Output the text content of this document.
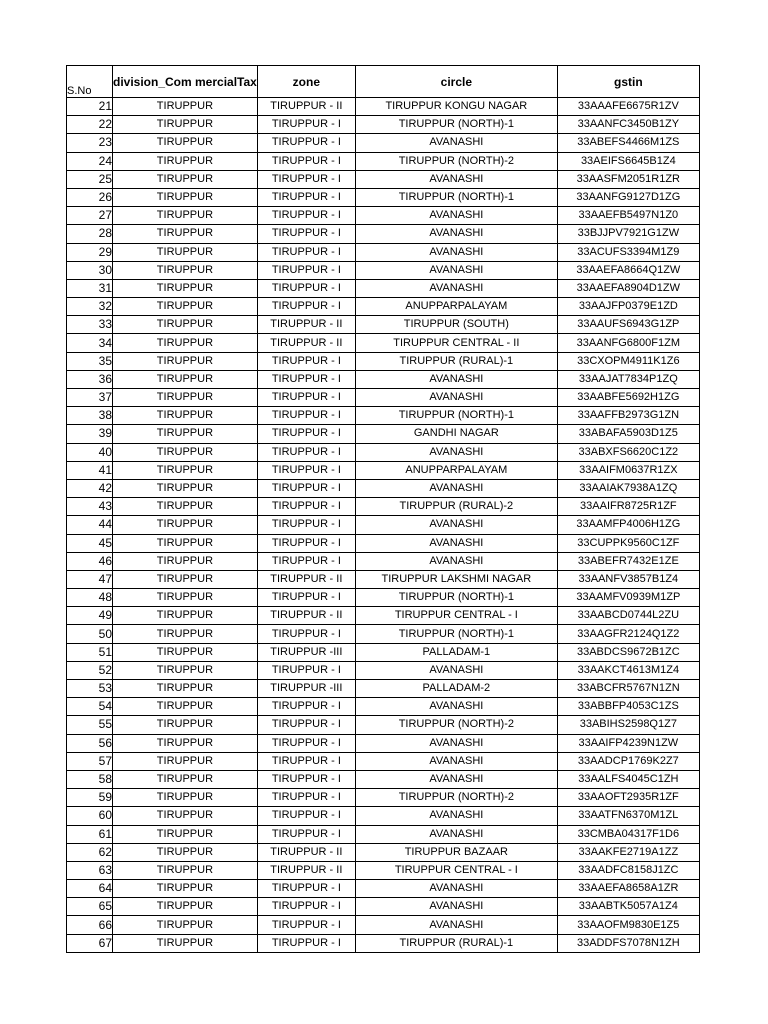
S.No	division_Com mercialTax	zone	circle	gstin
21	TIRUPPUR	TIRUPPUR - II	TIRUPPUR KONGU NAGAR	33AAAFE6675R1ZV
22	TIRUPPUR	TIRUPPUR - I	TIRUPPUR (NORTH)-1	33AANFC3450B1ZY
23	TIRUPPUR	TIRUPPUR - I	AVANASHI	33ABEFS4466M1ZS
24	TIRUPPUR	TIRUPPUR - I	TIRUPPUR (NORTH)-2	33AEIFS6645B1Z4
25	TIRUPPUR	TIRUPPUR - I	AVANASHI	33AASFM2051R1ZR
26	TIRUPPUR	TIRUPPUR - I	TIRUPPUR (NORTH)-1	33AANFG9127D1ZG
27	TIRUPPUR	TIRUPPUR - I	AVANASHI	33AAEFB5497N1Z0
28	TIRUPPUR	TIRUPPUR - I	AVANASHI	33BJJPV7921G1ZW
29	TIRUPPUR	TIRUPPUR - I	AVANASHI	33ACUFS3394M1Z9
30	TIRUPPUR	TIRUPPUR - I	AVANASHI	33AAEFA8664Q1ZW
31	TIRUPPUR	TIRUPPUR - I	AVANASHI	33AAEFA8904D1ZW
32	TIRUPPUR	TIRUPPUR - I	ANUPPARPALAYAM	33AAJFP0379E1ZD
33	TIRUPPUR	TIRUPPUR - II	TIRUPPUR (SOUTH)	33AAUFS6943G1ZP
34	TIRUPPUR	TIRUPPUR - II	TIRUPPUR CENTRAL - II	33AANFG6800F1ZM
35	TIRUPPUR	TIRUPPUR - I	TIRUPPUR (RURAL)-1	33CXOPM4911K1Z6
36	TIRUPPUR	TIRUPPUR - I	AVANASHI	33AAJAT7834P1ZQ
37	TIRUPPUR	TIRUPPUR - I	AVANASHI	33AABFE5692H1ZG
38	TIRUPPUR	TIRUPPUR - I	TIRUPPUR (NORTH)-1	33AAFFB2973G1ZN
39	TIRUPPUR	TIRUPPUR - I	GANDHI NAGAR	33ABAFA5903D1Z5
40	TIRUPPUR	TIRUPPUR - I	AVANASHI	33ABXFS6620C1Z2
41	TIRUPPUR	TIRUPPUR - I	ANUPPARPALAYAM	33AAIFM0637R1ZX
42	TIRUPPUR	TIRUPPUR - I	AVANASHI	33AAIAK7938A1ZQ
43	TIRUPPUR	TIRUPPUR - I	TIRUPPUR (RURAL)-2	33AAIFR8725R1ZF
44	TIRUPPUR	TIRUPPUR - I	AVANASHI	33AAMFP4006H1ZG
45	TIRUPPUR	TIRUPPUR - I	AVANASHI	33CUPPK9560C1ZF
46	TIRUPPUR	TIRUPPUR - I	AVANASHI	33ABEFR7432E1ZE
47	TIRUPPUR	TIRUPPUR - II	TIRUPPUR LAKSHMI NAGAR	33AANFV3857B1Z4
48	TIRUPPUR	TIRUPPUR - I	TIRUPPUR (NORTH)-1	33AAMFV0939M1ZP
49	TIRUPPUR	TIRUPPUR - II	TIRUPPUR CENTRAL - I	33AABCD0744L2ZU
50	TIRUPPUR	TIRUPPUR - I	TIRUPPUR (NORTH)-1	33AAGFR2124Q1Z2
51	TIRUPPUR	TIRUPPUR -III	PALLADAM-1	33ABDCS9672B1ZC
52	TIRUPPUR	TIRUPPUR - I	AVANASHI	33AAKCT4613M1Z4
53	TIRUPPUR	TIRUPPUR -III	PALLADAM-2	33ABCFR5767N1ZN
54	TIRUPPUR	TIRUPPUR - I	AVANASHI	33ABBFP4053C1ZS
55	TIRUPPUR	TIRUPPUR - I	TIRUPPUR (NORTH)-2	33ABIHS2598Q1Z7
56	TIRUPPUR	TIRUPPUR - I	AVANASHI	33AAIFP4239N1ZW
57	TIRUPPUR	TIRUPPUR - I	AVANASHI	33AADCP1769K2Z7
58	TIRUPPUR	TIRUPPUR - I	AVANASHI	33AALFS4045C1ZH
59	TIRUPPUR	TIRUPPUR - I	TIRUPPUR (NORTH)-2	33AAOFT2935R1ZF
60	TIRUPPUR	TIRUPPUR - I	AVANASHI	33AATFN6370M1ZL
61	TIRUPPUR	TIRUPPUR - I	AVANASHI	33CMBA04317F1D6
62	TIRUPPUR	TIRUPPUR - II	TIRUPPUR BAZAAR	33AAKFE2719A1ZZ
63	TIRUPPUR	TIRUPPUR - II	TIRUPPUR CENTRAL - I	33AADFC8158J1ZC
64	TIRUPPUR	TIRUPPUR - I	AVANASHI	33AAEFA8658A1ZR
65	TIRUPPUR	TIRUPPUR - I	AVANASHI	33AABTK5057A1Z4
66	TIRUPPUR	TIRUPPUR - I	AVANASHI	33AAOFM9830E1Z5
67	TIRUPPUR	TIRUPPUR - I	TIRUPPUR (RURAL)-1	33ADDFS7078N1ZH
